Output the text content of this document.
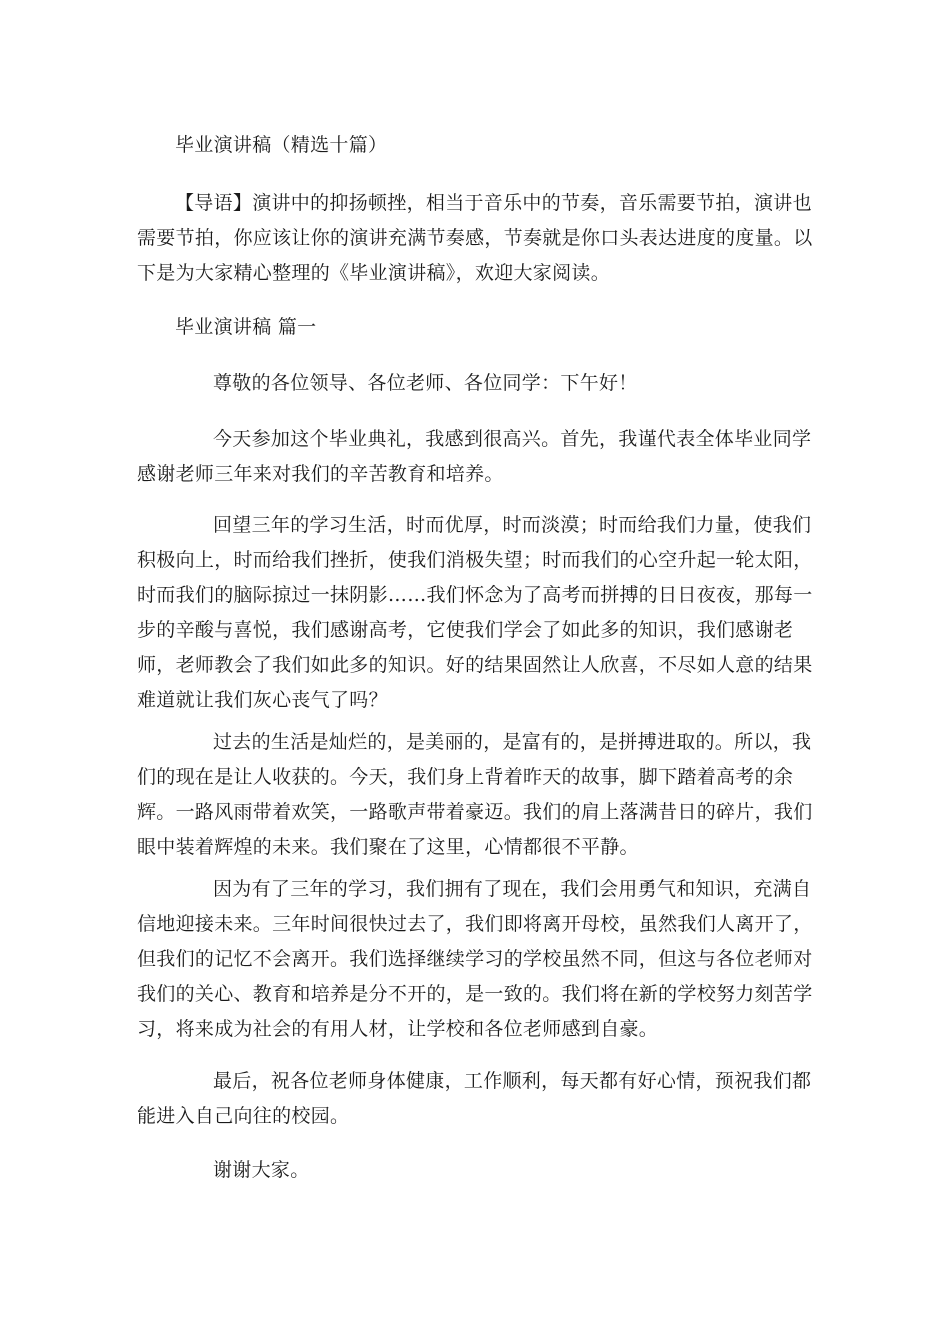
毕业演讲稿（精选十篇）

【导语】演讲中的抑扬顿挫，相当于音乐中的节奏，音乐需要节拍，演讲也需要节拍，你应该让你的演讲充满节奏感，节奏就是你口头表达进度的度量。以下是为大家精心整理的《毕业演讲稿》，欢迎大家阅读。

毕业演讲稿 篇一

尊敬的各位领导、各位老师、各位同学：下午好！

今天参加这个毕业典礼，我感到很高兴。首先，我谨代表全体毕业同学感谢老师三年来对我们的辛苦教育和培养。

回望三年的学习生活，时而优厚，时而淡漠；时而给我们力量，使我们积极向上，时而给我们挫折，使我们消极失望；时而我们的心空升起一轮太阳，时而我们的脑际掠过一抹阴影……我们怀念为了高考而拼搏的日日夜夜，那每一步的辛酸与喜悦，我们感谢高考，它使我们学会了如此多的知识，我们感谢老师，老师教会了我们如此多的知识。好的结果固然让人欣喜，不尽如人意的结果难道就让我们灰心丧气了吗？

过去的生活是灿烂的，是美丽的，是富有的，是拼搏进取的。所以，我们的现在是让人收获的。今天，我们身上背着昨天的故事，脚下踏着高考的余辉。一路风雨带着欢笑，一路歌声带着豪迈。我们的肩上落满昔日的碎片，我们眼中装着辉煌的未来。我们聚在了这里，心情都很不平静。

因为有了三年的学习，我们拥有了现在，我们会用勇气和知识，充满自信地迎接未来。三年时间很快过去了，我们即将离开母校，虽然我们人离开了，但我们的记忆不会离开。我们选择继续学习的学校虽然不同，但这与各位老师对我们的关心、教育和培养是分不开的，是一致的。我们将在新的学校努力刻苦学习，将来成为社会的有用人材，让学校和各位老师感到自豪。

最后，祝各位老师身体健康，工作顺利，每天都有好心情，预祝我们都能进入自己向往的校园。

谢谢大家。
